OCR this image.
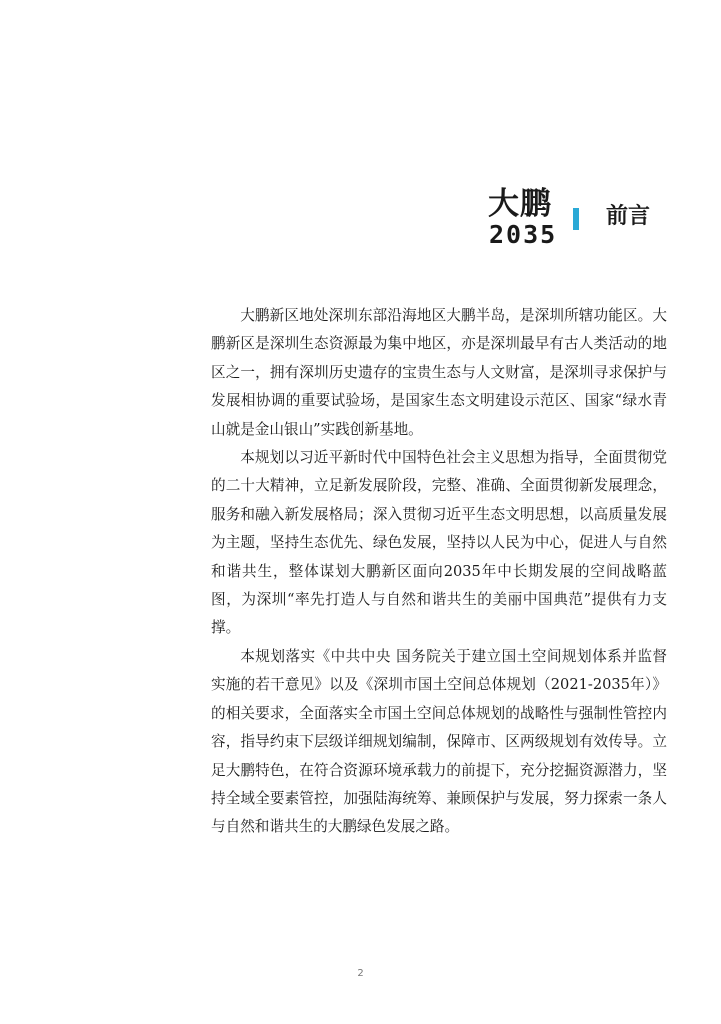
大鹏
2035
前言

大鹏新区地处深圳东部沿海地区大鹏半岛，是深圳所辖功能区。大鹏新区是深圳生态资源最为集中地区，亦是深圳最早有古人类活动的地区之一，拥有深圳历史遗存的宝贵生态与人文财富，是深圳寻求保护与发展相协调的重要试验场，是国家生态文明建设示范区、国家“绿水青山就是金山银山”实践创新基地。

本规划以习近平新时代中国特色社会主义思想为指导，全面贯彻党的二十大精神，立足新发展阶段，完整、准确、全面贯彻新发展理念，服务和融入新发展格局；深入贯彻习近平生态文明思想，以高质量发展为主题，坚持生态优先、绿色发展，坚持以人民为中心，促进人与自然和谐共生，整体谋划大鹏新区面向2035年中长期发展的空间战略蓝图，为深圳“率先打造人与自然和谐共生的美丽中国典范”提供有力支撑。

本规划落实《中共中央 国务院关于建立国土空间规划体系并监督实施的若干意见》以及《深圳市国土空间总体规划（2021-2035年）》的相关要求，全面落实全市国土空间总体规划的战略性与强制性管控内容，指导约束下层级详细规划编制，保障市、区两级规划有效传导。立足大鹏特色，在符合资源环境承载力的前提下，充分挖掘资源潜力，坚持全域全要素管控，加强陆海统筹、兼顾保护与发展，努力探索一条人与自然和谐共生的大鹏绿色发展之路。

2
